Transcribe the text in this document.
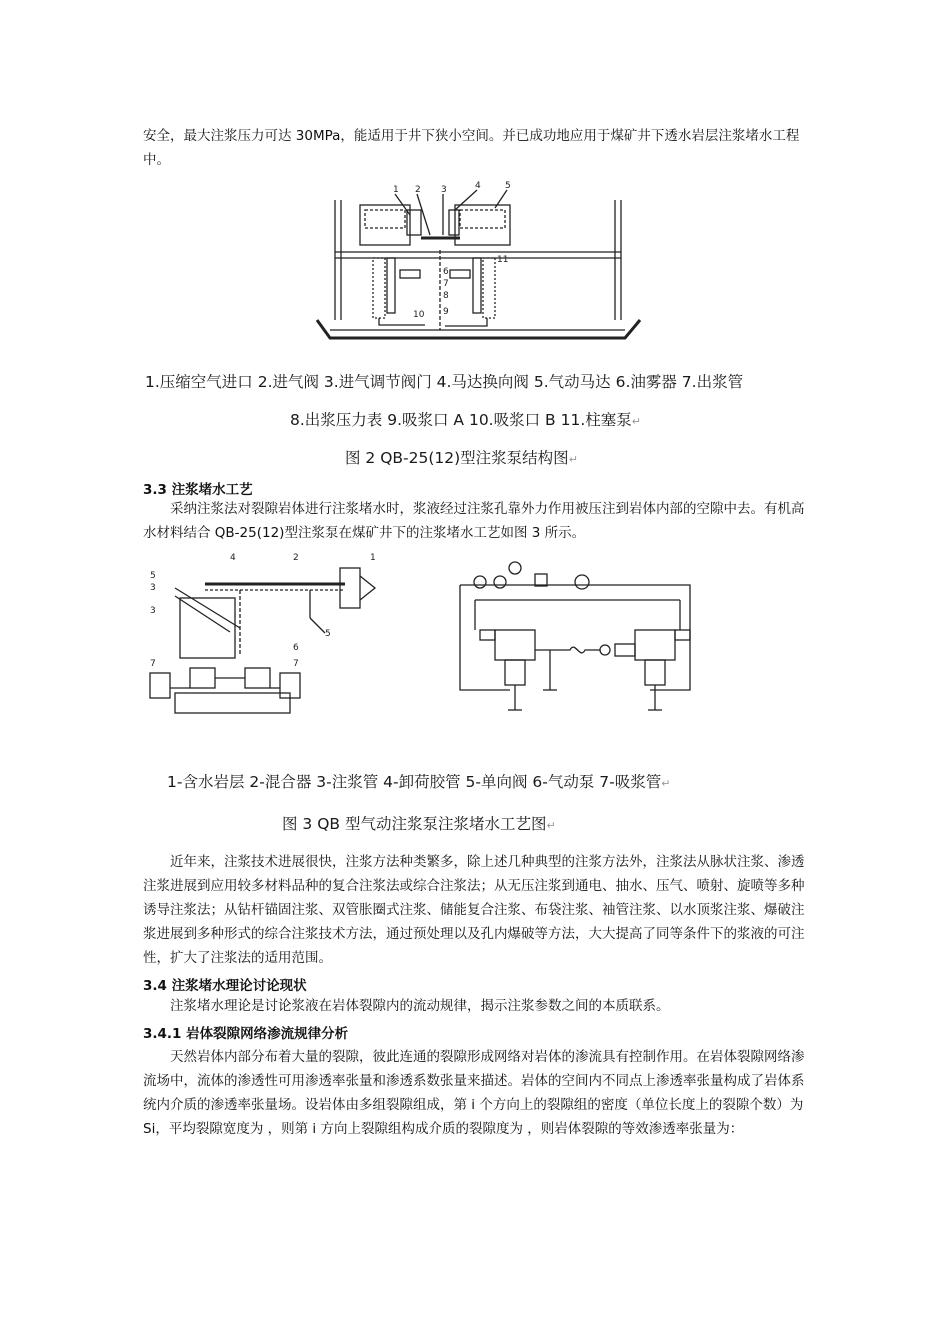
安全，最大注浆压力可达 30MPa，能适用于井下狭小空间。并已成功地应用于煤矿井下透水岩层注浆堵水工程中。
1 2 3	4	5
6
7
8
9
10
11
1.压缩空气进口 2.进气阀 3.进气调节阀门 4.马达换向阀 5.气动马达 6.油雾器 7.出浆管
8.出浆压力表 9.吸浆口 A 10.吸浆口 B 11.柱塞泵↵
图 2 QB-25(12)型注浆泵结构图↵
3.3 注浆堵水工艺
采纳注浆法对裂隙岩体进行注浆堵水时，浆液经过注浆孔靠外力作用被压注到岩体内部的空隙中去。有机高水材料结合 QB-25(12)型注浆泵在煤矿井下的注浆堵水工艺如图 3 所示。
4	2	1
5
3
3
5
6
7	7
1-含水岩层 2-混合器 3-注浆管 4-卸荷胶管 5-单向阀 6-气动泵 7-吸浆管↵
图 3 QB 型气动注浆泵注浆堵水工艺图↵
近年来，注浆技术进展很快，注浆方法种类繁多，除上述几种典型的注浆方法外，注浆法从脉状注浆、渗透注浆进展到应用较多材料品种的复合注浆法或综合注浆法；从无压注浆到通电、抽水、压气、喷射、旋喷等多种诱导注浆法；从钻杆锚固注浆、双管胀圈式注浆、储能复合注浆、布袋注浆、袖管注浆、以水顶浆注浆、爆破注浆进展到多种形式的综合注浆技术方法，通过预处理以及孔内爆破等方法，大大提高了同等条件下的浆液的可注性，扩大了注浆法的适用范围。
3.4 注浆堵水理论讨论现状
注浆堵水理论是讨论浆液在岩体裂隙内的流动规律，揭示注浆参数之间的本质联系。
3.4.1 岩体裂隙网络渗流规律分析
天然岩体内部分布着大量的裂隙，彼此连通的裂隙形成网络对岩体的渗流具有控制作用。在岩体裂隙网络渗流场中，流体的渗透性可用渗透率张量和渗透系数张量来描述。岩体的空间内不同点上渗透率张量构成了岩体系统内介质的渗透率张量场。设岩体由多组裂隙组成，第 i 个方向上的裂隙组的密度（单位长度上的裂隙个数）为 Si，平均裂隙宽度为 ，则第 i 方向上裂隙组构成介质的裂隙度为 ，则岩体裂隙的等效渗透率张量为：
